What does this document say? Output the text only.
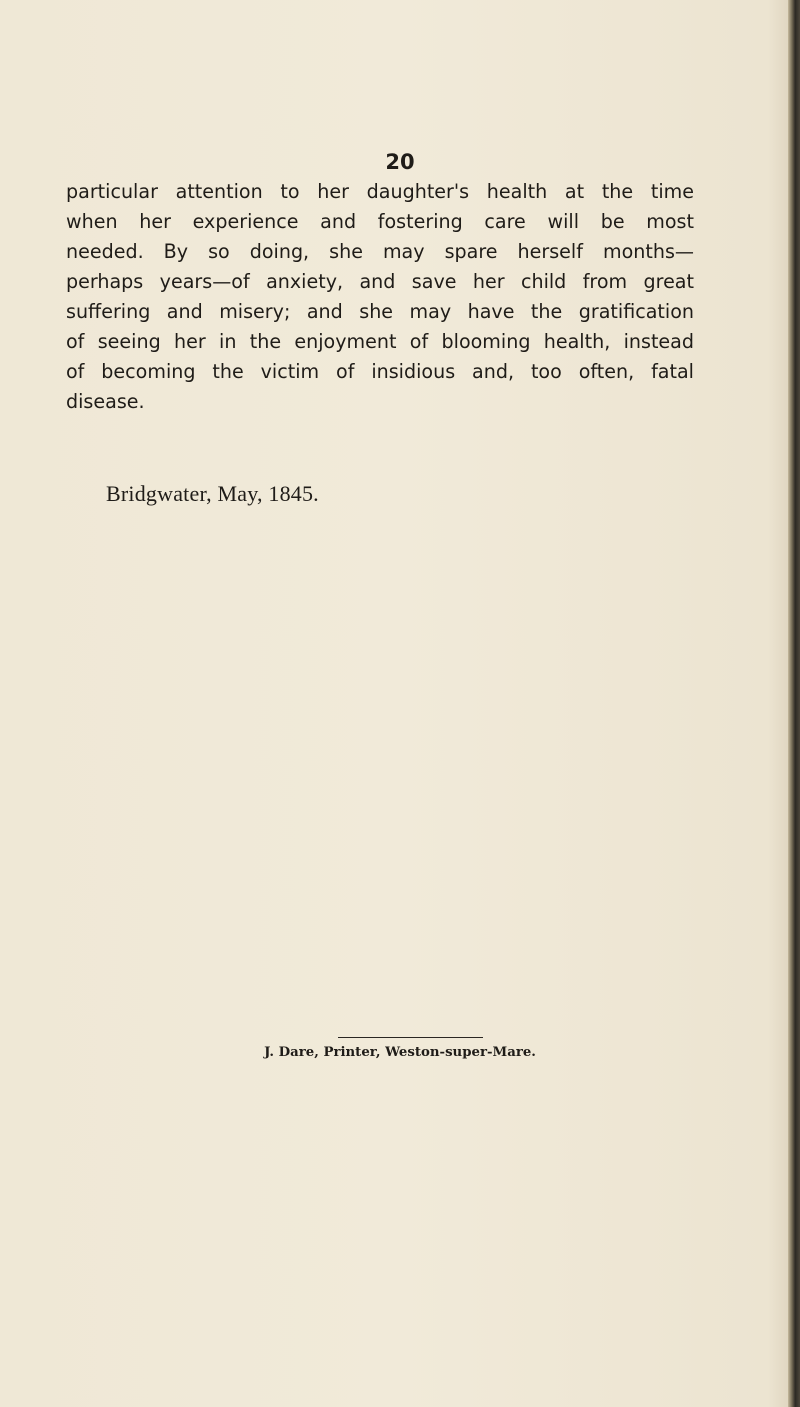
20
particular attention to her daughter's health at the time
when her experience and fostering care will be most
needed. By so doing, she may spare herself months—
perhaps years—of anxiety, and save her child from great
suffering and misery; and she may have the gratification
of seeing her in the enjoyment of blooming health, instead
of becoming the victim of insidious and, too often, fatal
disease.
Bridgwater, May, 1845.
J. Dare, Printer, Weston-super-Mare.
